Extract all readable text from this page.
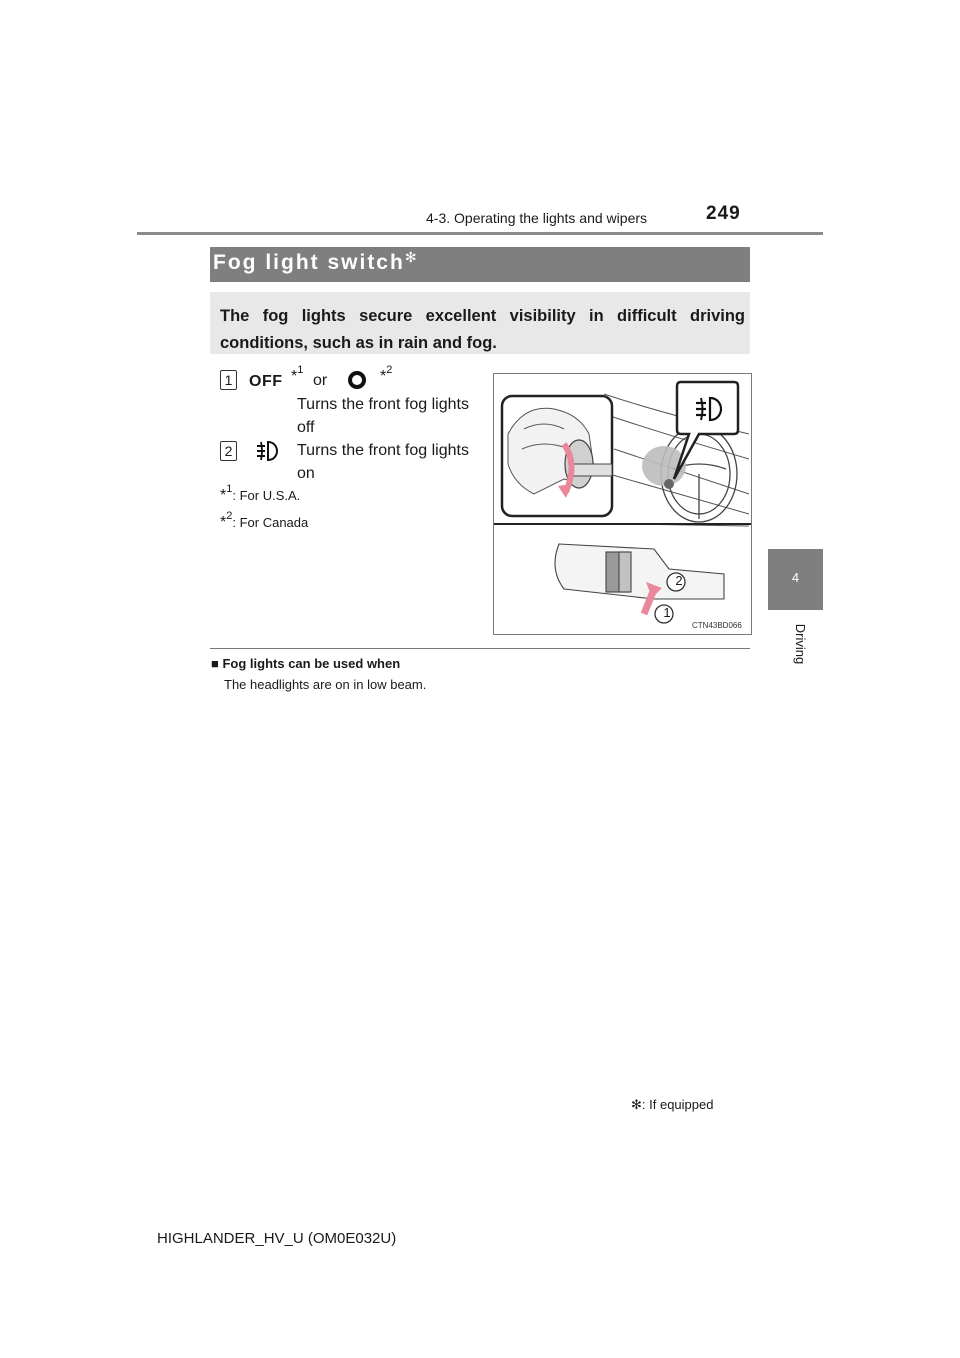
249
4-3. Operating the lights and wipers
4
Driving
Fog light switch✻
The fog lights secure excellent visibility in difficult driving conditions, such as in rain and fog.
1 OFF *$^1$
or	*$^2$
Turns the front fog lights
off
2	Turns the front fog lights
on
*$^1$: For U.S.A.
*$^2$: For Canada
2
1
CTN43BD066
■ Fog lights can be used when
The headlights are on in low beam.
✻: If equipped
HIGHLANDER_HV_U (OM0E032U)
